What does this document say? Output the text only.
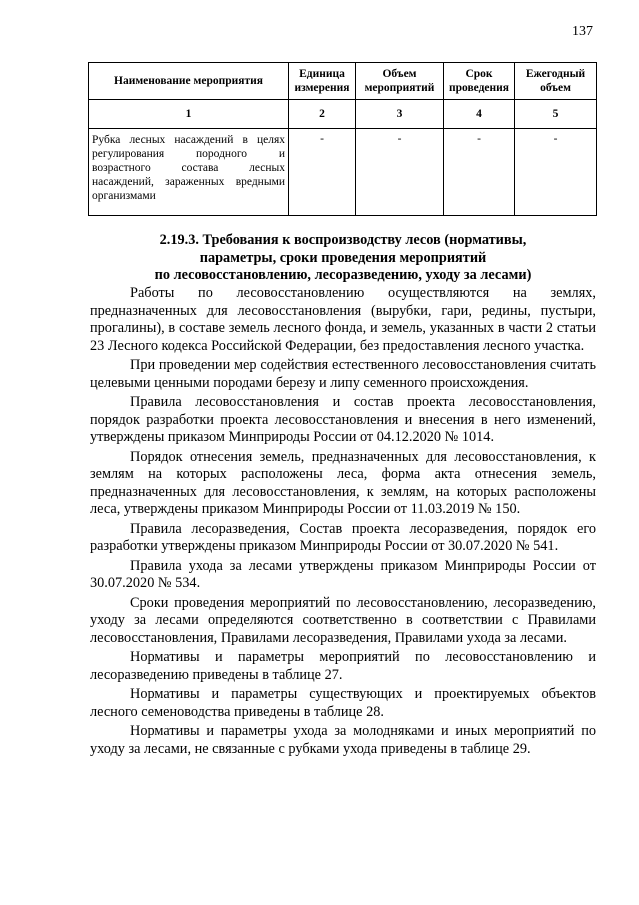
137
Наименование мероприятия	Единица измерения	Объем мероприятий	Срок проведения	Ежегодный объем
1	2	3	4	5
Рубка лесных насаждений в целях регулирования породного и возрастного состава лесных насаждений, зараженных вредными организмами	-	-	-	-
2.19.3. Требования к воспроизводству лесов (нормативы,
параметры, сроки проведения мероприятий
по лесовосстановлению, лесоразведению, уходу за лесами)

Работы по лесовосстановлению осуществляются на землях, предназначенных для лесовосстановления (вырубки, гари, редины, пустыри, прогалины), в составе земель лесного фонда, и земель, указанных в части 2 статьи 23 Лесного кодекса Российской Федерации, без предоставления лесного участка.

При проведении мер содействия естественного лесовосстановления считать целевыми ценными породами березу и липу семенного происхождения.

Правила лесовосстановления и состав проекта лесовосстановления, порядок разработки проекта лесовосстановления и внесения в него изменений, утверждены приказом Минприроды России от 04.12.2020 № 1014.

Порядок отнесения земель, предназначенных для лесовосстановления, к землям на которых расположены леса, форма акта отнесения земель, предназначенных для лесовосстановления, к землям, на которых расположены леса, утверждены приказом Минприроды России от 11.03.2019 № 150.

Правила лесоразведения, Состав проекта лесоразведения, порядок его разработки утверждены приказом Минприроды России от 30.07.2020 № 541.

Правила ухода за лесами утверждены приказом Минприроды России от 30.07.2020 № 534.

Сроки проведения мероприятий по лесовосстановлению, лесоразведению, уходу за лесами определяются соответственно в соответствии с Правилами лесовосстановления, Правилами лесоразведения, Правилами ухода за лесами.

Нормативы и параметры мероприятий по лесовосстановлению и лесоразведению приведены в таблице 27.

Нормативы и параметры существующих и проектируемых объектов лесного семеноводства приведены в таблице 28.

Нормативы и параметры ухода за молодняками и иных мероприятий по уходу за лесами, не связанные с рубками ухода приведены в таблице 29.
